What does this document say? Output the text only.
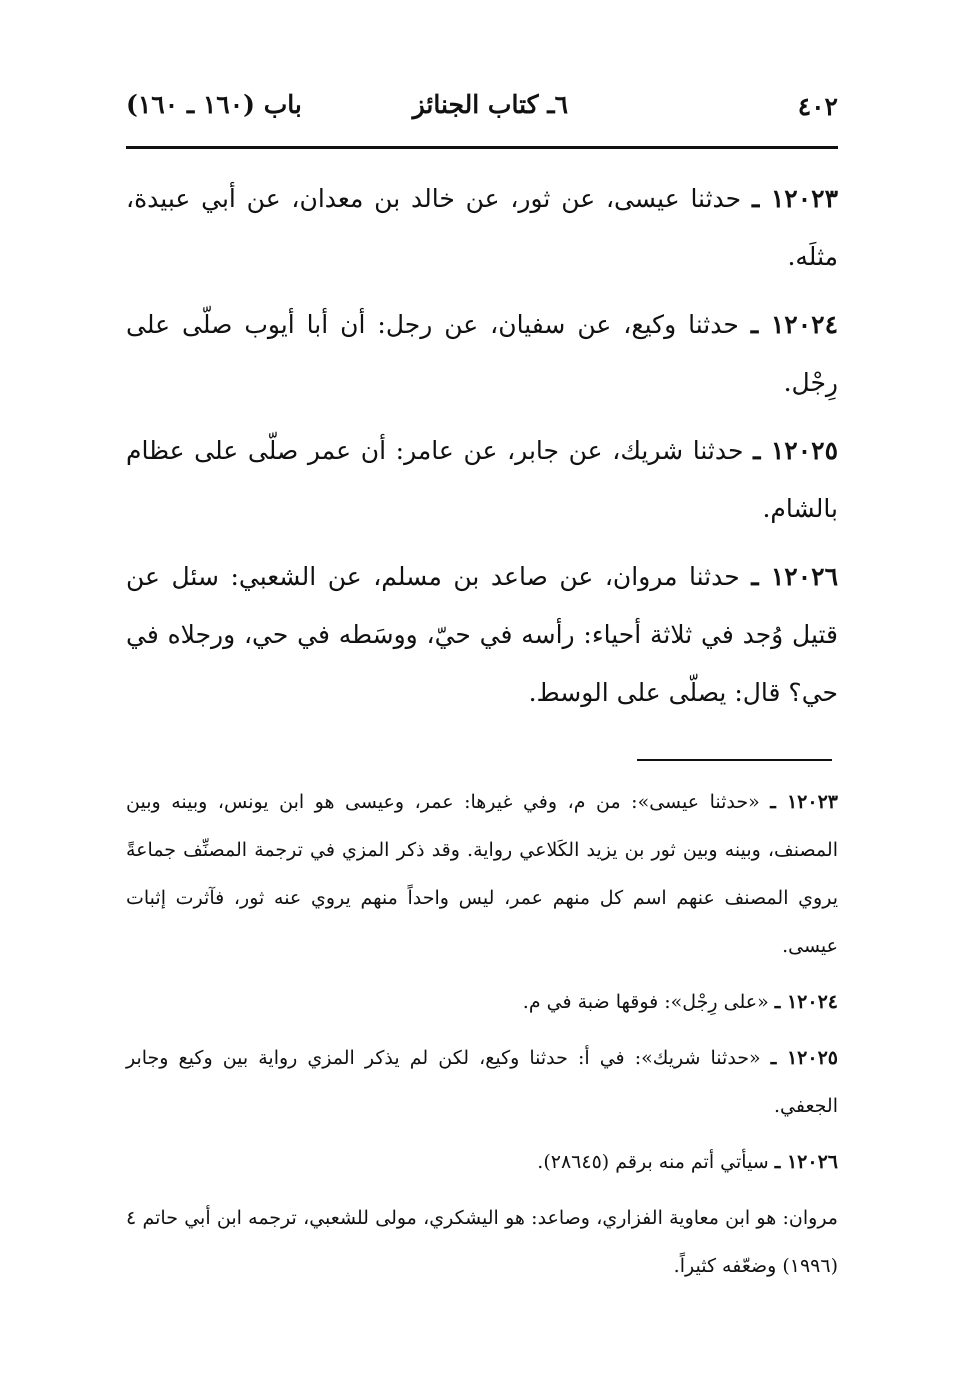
٤٠٢
٦ـ كتاب الجنائز
باب (١٦٠ ـ ١٦٠)

١٢٠٢٣ ـ حدثنا عيسى، عن ثور، عن خالد بن معدان، عن أبي عبيدة، مثلَه.

١٢٠٢٤ ـ حدثنا وكيع، عن سفيان، عن رجل: أن أبا أيوب صلّى على رِجْل.

١٢٠٢٥ ـ حدثنا شريك، عن جابر، عن عامر: أن عمر صلّى على عظام بالشام.

١٢٠٢٦ ـ حدثنا مروان، عن صاعد بن مسلم، عن الشعبي: سئل عن قتيل وُجد في ثلاثة أحياء: رأسه في حيّ، ووسَطه في حي، ورجلاه في حي؟ قال: يصلّى على الوسط.

١٢٠٢٣ ـ «حدثنا عيسى»: من م، وفي غيرها: عمر، وعيسى هو ابن يونس، وبينه وبين المصنف، وبينه وبين ثور بن يزيد الكَلاعي رواية. وقد ذكر المزي في ترجمة المصنِّف جماعةً يروي المصنف عنهم اسم كل منهم عمر، ليس واحداً منهم يروي عنه ثور، فآثرت إثبات عيسى.

١٢٠٢٤ ـ «على رِجْل»: فوقها ضبة في م.

١٢٠٢٥ ـ «حدثنا شريك»: في أ: حدثنا وكيع، لكن لم يذكر المزي رواية بين وكيع وجابر الجعفي.

١٢٠٢٦ ـ سيأتي أتم منه برقم (٢٨٦٤٥).

مروان: هو ابن معاوية الفزاري، وصاعد: هو اليشكري، مولى للشعبي، ترجمه ابن أبي حاتم ٤ (١٩٩٦) وضعّفه كثيراً.
